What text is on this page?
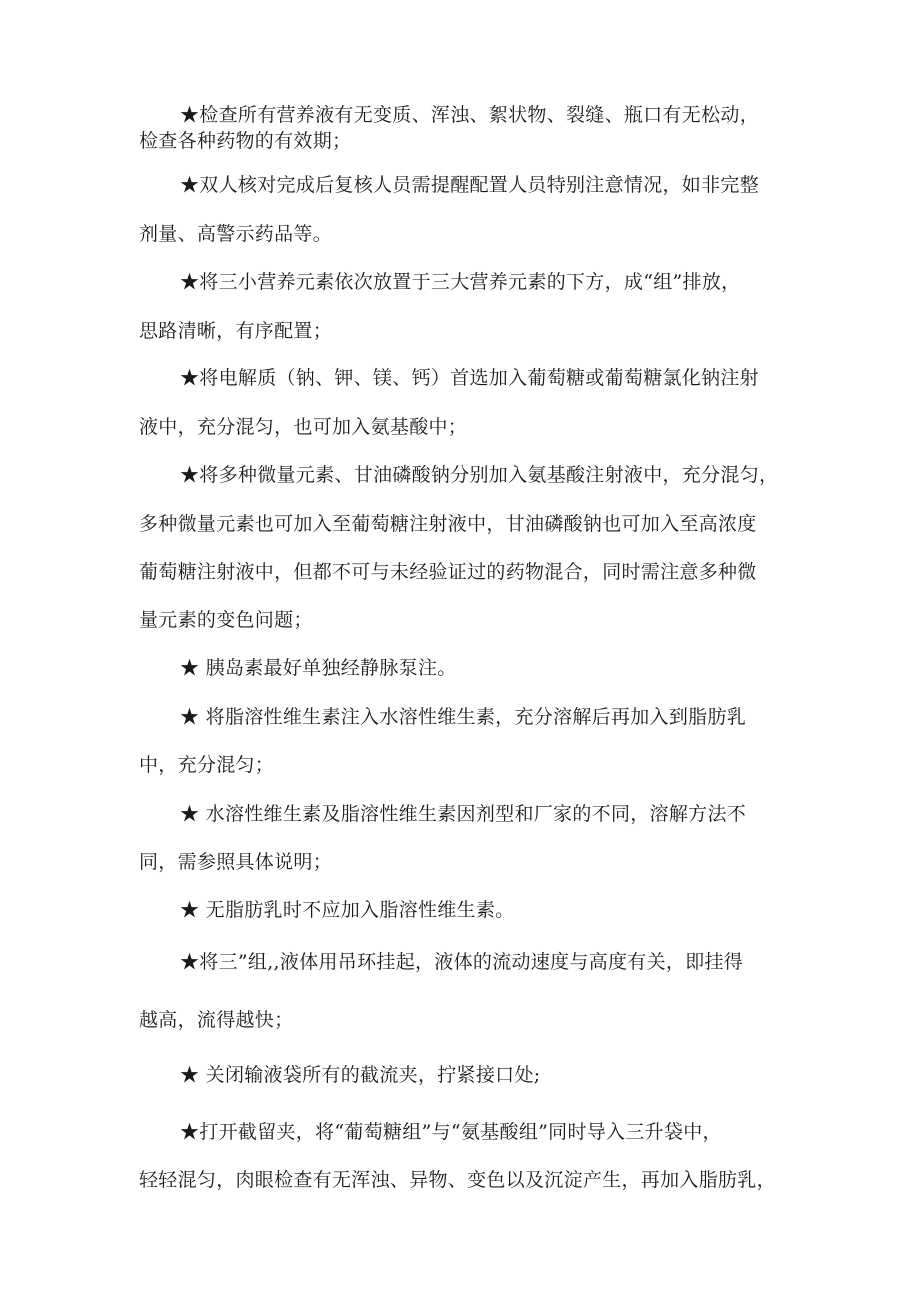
★检查所有营养液有无变质、浑浊、絮状物、裂缝、瓶口有无松动，
检查各种药物的有效期；
★双人核对完成后复核人员需提醒配置人员特别注意情况，如非完整
剂量、高警示药品等。
★将三小营养元素依次放置于三大营养元素的下方，成“组”排放，
思路清晰，有序配置；
★将电解质（钠、钾、镁、钙）首选加入葡萄糖或葡萄糖氯化钠注射
液中，充分混匀，也可加入氨基酸中；
★将多种微量元素、甘油磷酸钠分别加入氨基酸注射液中，充分混匀，
多种微量元素也可加入至葡萄糖注射液中，甘油磷酸钠也可加入至高浓度
葡萄糖注射液中，但都不可与未经验证过的药物混合，同时需注意多种微
量元素的变色问题；
★ 胰岛素最好单独经静脉泵注。
★ 将脂溶性维生素注入水溶性维生素，充分溶解后再加入到脂肪乳
中，充分混匀；
★ 水溶性维生素及脂溶性维生素因剂型和厂家的不同，溶解方法不
同，需参照具体说明；
★ 无脂肪乳时不应加入脂溶性维生素。
★将三”组,,液体用吊环挂起，液体的流动速度与高度有关，即挂得
越高，流得越快；
★ 关闭输液袋所有的截流夹，拧紧接口处;
★打开截留夹，将“葡萄糖组”与“氨基酸组”同时导入三升袋中，
轻轻混匀，肉眼检查有无浑浊、异物、变色以及沉淀产生，再加入脂肪乳，
